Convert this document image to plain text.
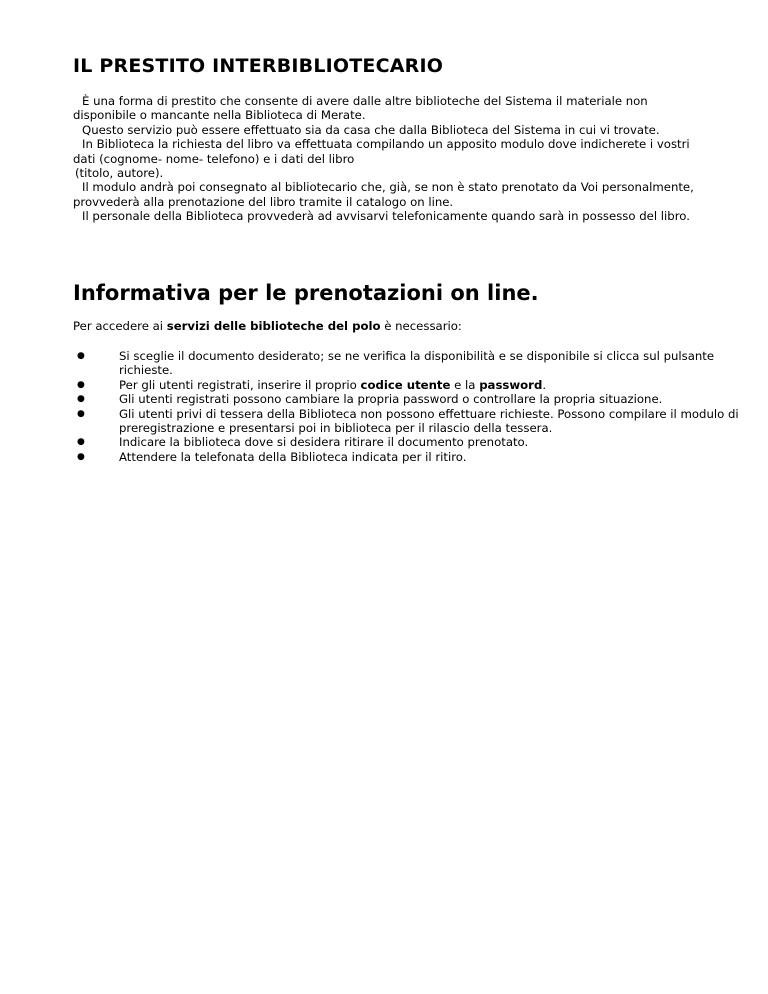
IL PRESTITO INTERBIBLIOTECARIO

È una forma di prestito che consente di avere dalle altre biblioteche del Sistema il materiale non disponibile o mancante nella Biblioteca di Merate.

Questo servizio può essere effettuato sia da casa che dalla Biblioteca del Sistema in cui vi trovate.

In Biblioteca la richiesta del libro va effettuata compilando un apposito modulo dove indicherete i vostri dati (cognome- nome- telefono) e i dati del libro

(titolo, autore).

Il modulo andrà poi consegnato al bibliotecario che, già, se non è stato prenotato da Voi personalmente, provvederà alla prenotazione del libro tramite il catalogo on line.

Il personale della Biblioteca provvederà ad avvisarvi telefonicamente quando sarà in possesso del libro.

Informativa per le prenotazioni on line.

Per accedere ai servizi delle biblioteche del polo è necessario:

●	Si sceglie il documento desiderato; se ne verifica la disponibilità e se disponibile si clicca sul pulsante richieste.
●	Per gli utenti registrati, inserire il proprio codice utente e la password.
●	Gli utenti registrati possono cambiare la propria password o controllare la propria situazione.
●	Gli utenti privi di tessera della Biblioteca non possono effettuare richieste. Possono compilare il modulo di preregistrazione e presentarsi poi in biblioteca per il rilascio della tessera.
●	Indicare la biblioteca dove si desidera ritirare il documento prenotato.
●	Attendere la telefonata della Biblioteca indicata per il ritiro.
